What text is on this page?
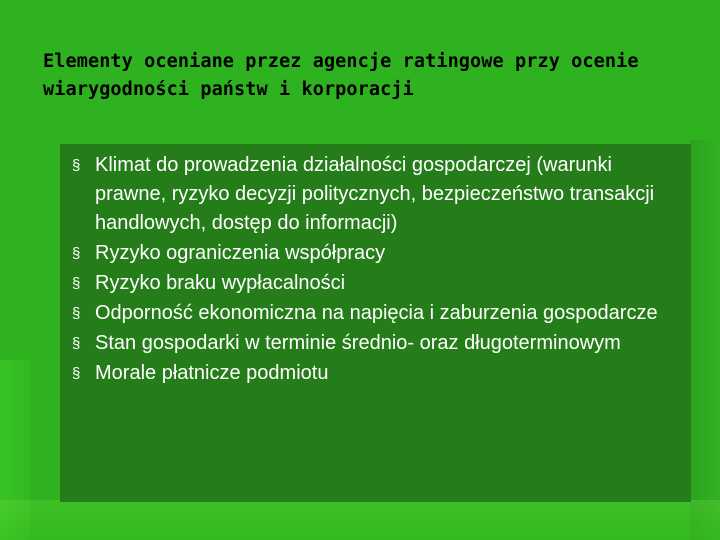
Elementy oceniane przez agencje ratingowe przy ocenie wiarygodności państw i korporacji
§ Klimat do prowadzenia działalności gospodarczej (warunki prawne, ryzyko decyzji politycznych, bezpieczeństwo transakcji handlowych, dostęp do informacji)
§ Ryzyko ograniczenia współpracy
§ Ryzyko braku wypłacalności
§ Odporność ekonomiczna na napięcia i zaburzenia gospodarcze
§ Stan gospodarki w terminie średnio- oraz długoterminowym
§ Morale płatnicze podmiotu
